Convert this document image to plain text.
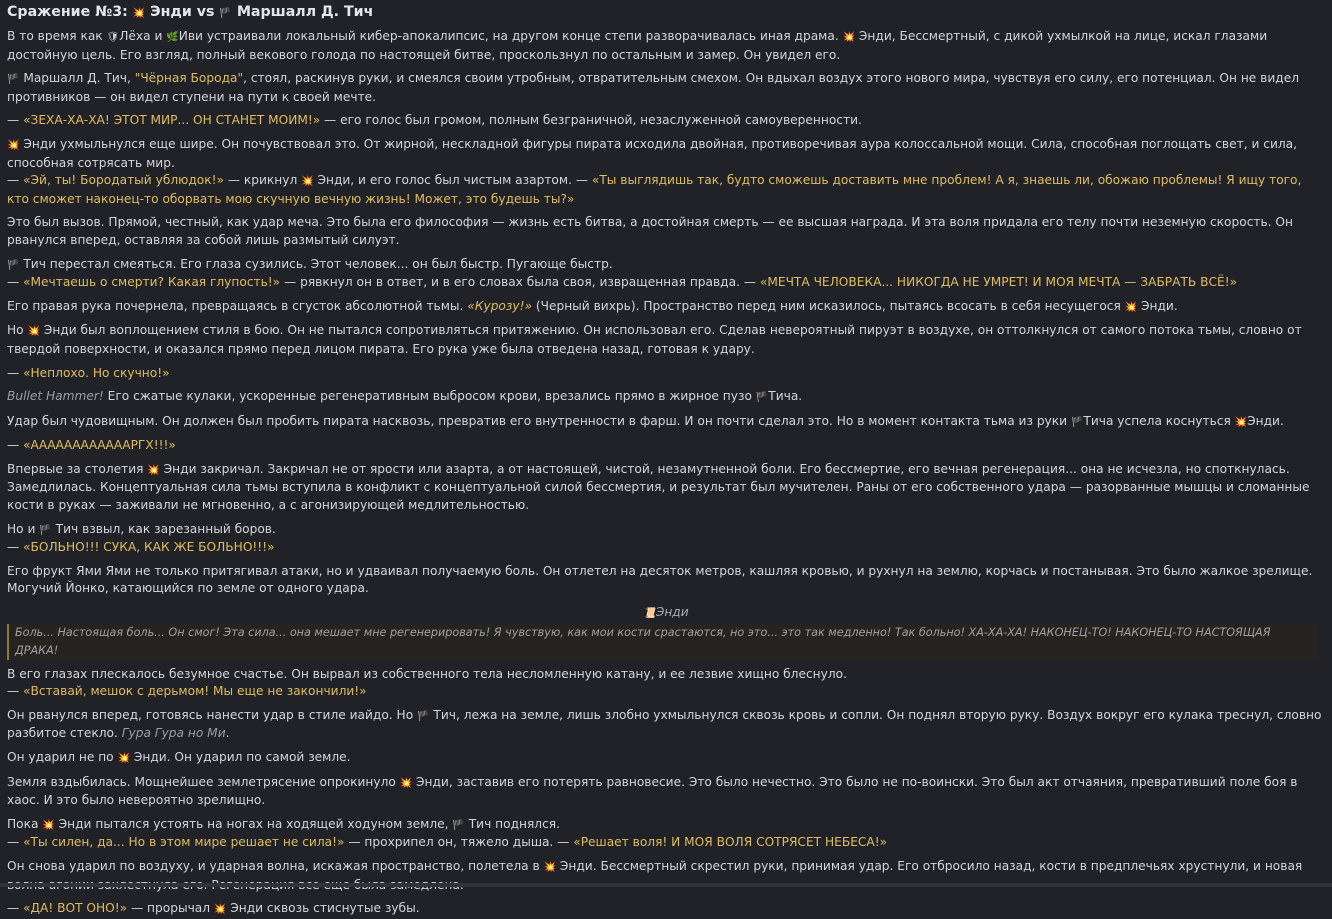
Сражение №3: 💥 Энди vs 🏴 Маршалл Д. Тич
В то время как 🛡Лёха и 🌿Иви устраивали локальный кибер-апокалипсис, на другом конце степи разворачивалась иная драма. 💥 Энди, Бессмертный, с дикой ухмылкой на лице, искал глазами достойную цель. Его взгляд, полный векового голода по настоящей битве, проскользнул по остальным и замер. Он увидел его.
🏴 Маршалл Д. Тич, "Чёрная Борода", стоял, раскинув руки, и смеялся своим утробным, отвратительным смехом. Он вдыхал воздух этого нового мира, чувствуя его силу, его потенциал. Он не видел противников — он видел ступени на пути к своей мечте.
— «ЗЕХА-ХА-ХА! ЭТОТ МИР... ОН СТАНЕТ МОИМ!» — его голос был громом, полным безграничной, незаслуженной самоуверенности.
💥 Энди ухмыльнулся еще шире. Он почувствовал это. От жирной, нескладной фигуры пирата исходила двойная, противоречивая аура колоссальной мощи. Сила, способная поглощать свет, и сила, способная сотрясать мир.
— «Эй, ты! Бородатый ублюдок!» — крикнул 💥 Энди, и его голос был чистым азартом. — «Ты выглядишь так, будто сможешь доставить мне проблем! А я, знаешь ли, обожаю проблемы! Я ищу того, кто сможет наконец-то оборвать мою скучную вечную жизнь! Может, это будешь ты?»
Это был вызов. Прямой, честный, как удар меча. Это была его философия — жизнь есть битва, а достойная смерть — ее высшая награда. И эта воля придала его телу почти неземную скорость. Он рванулся вперед, оставляя за собой лишь размытый силуэт.
🏴 Тич перестал смеяться. Его глаза сузились. Этот человек... он был быстр. Пугающе быстр.
— «Мечтаешь о смерти? Какая глупость!» — рявкнул он в ответ, и в его словах была своя, извращенная правда. — «МЕЧТА ЧЕЛОВЕКА... НИКОГДА НЕ УМРЕТ! И МОЯ МЕЧТА — ЗАБРАТЬ ВСЁ!»
Его правая рука почернела, превращаясь в сгусток абсолютной тьмы. «Курозу!» (Черный вихрь). Пространство перед ним исказилось, пытаясь всосать в себя несущегося 💥 Энди.
Но 💥 Энди был воплощением стиля в бою. Он не пытался сопротивляться притяжению. Он использовал его. Сделав невероятный пируэт в воздухе, он оттолкнулся от самого потока тьмы, словно от твердой поверхности, и оказался прямо перед лицом пирата. Его рука уже была отведена назад, готовая к удару.
— «Неплохо. Но скучно!»
Bullet Hammer! Его сжатые кулаки, ускоренные регенеративным выбросом крови, врезались прямо в жирное пузо 🏴Тича.
Удар был чудовищным. Он должен был пробить пирата насквозь, превратив его внутренности в фарш. И он почти сделал это. Но в момент контакта тьма из руки 🏴Тича успела коснуться 💥Энди.
— «ААААААААААААРГХ!!!»
Впервые за столетия 💥 Энди закричал. Закричал не от ярости или азарта, а от настоящей, чистой, незамутненной боли. Его бессмертие, его вечная регенерация... она не исчезла, но споткнулась. Замедлилась. Концептуальная сила тьмы вступила в конфликт с концептуальной силой бессмертия, и результат был мучителен. Раны от его собственного удара — разорванные мышцы и сломанные кости в руках — заживали не мгновенно, а с агонизирующей медлительностью.
Но и 🏴 Тич взвыл, как зарезанный боров.
— «БОЛЬНО!!! СУКА, КАК ЖЕ БОЛЬНО!!!»
Его фрукт Ями Ями не только притягивал атаки, но и удваивал получаемую боль. Он отлетел на десяток метров, кашляя кровью, и рухнул на землю, корчась и постанывая. Это было жалкое зрелище. Могучий Йонко, катающийся по земле от одного удара.
📜Энди
Боль... Настоящая боль... Он смог! Эта сила... она мешает мне регенерировать! Я чувствую, как мои кости срастаются, но это... это так медленно! Так больно! ХА-ХА-ХА! НАКОНЕЦ-ТО! НАКОНЕЦ-ТО НАСТОЯЩАЯ ДРАКА!
В его глазах плескалось безумное счастье. Он вырвал из собственного тела несломленную катану, и ее лезвие хищно блеснуло.
— «Вставай, мешок с дерьмом! Мы еще не закончили!»
Он рванулся вперед, готовясь нанести удар в стиле иайдо. Но 🏴 Тич, лежа на земле, лишь злобно ухмыльнулся сквозь кровь и сопли. Он поднял вторую руку. Воздух вокруг его кулака треснул, словно разбитое стекло. Гура Гура но Ми.
Он ударил не по 💥 Энди. Он ударил по самой земле.
Земля вздыбилась. Мощнейшее землетрясение опрокинуло 💥 Энди, заставив его потерять равновесие. Это было нечестно. Это было не по-воински. Это был акт отчаяния, превративший поле боя в хаос. И это было невероятно зрелищно.
Пока 💥 Энди пытался устоять на ногах на ходящей ходуном земле, 🏴 Тич поднялся.
— «Ты силен, да... Но в этом мире решает не сила!» — прохрипел он, тяжело дыша. — «Решает воля! И МОЯ ВОЛЯ СОТРЯСЕТ НЕБЕСА!»
Он снова ударил по воздуху, и ударная волна, искажая пространство, полетела в 💥 Энди. Бессмертный скрестил руки, принимая удар. Его отбросило назад, кости в предплечьях хрустнули, и новая
— «ДА! ВОТ ОНО!» — прорычал 💥 Энди сквозь стиснутые зубы.
